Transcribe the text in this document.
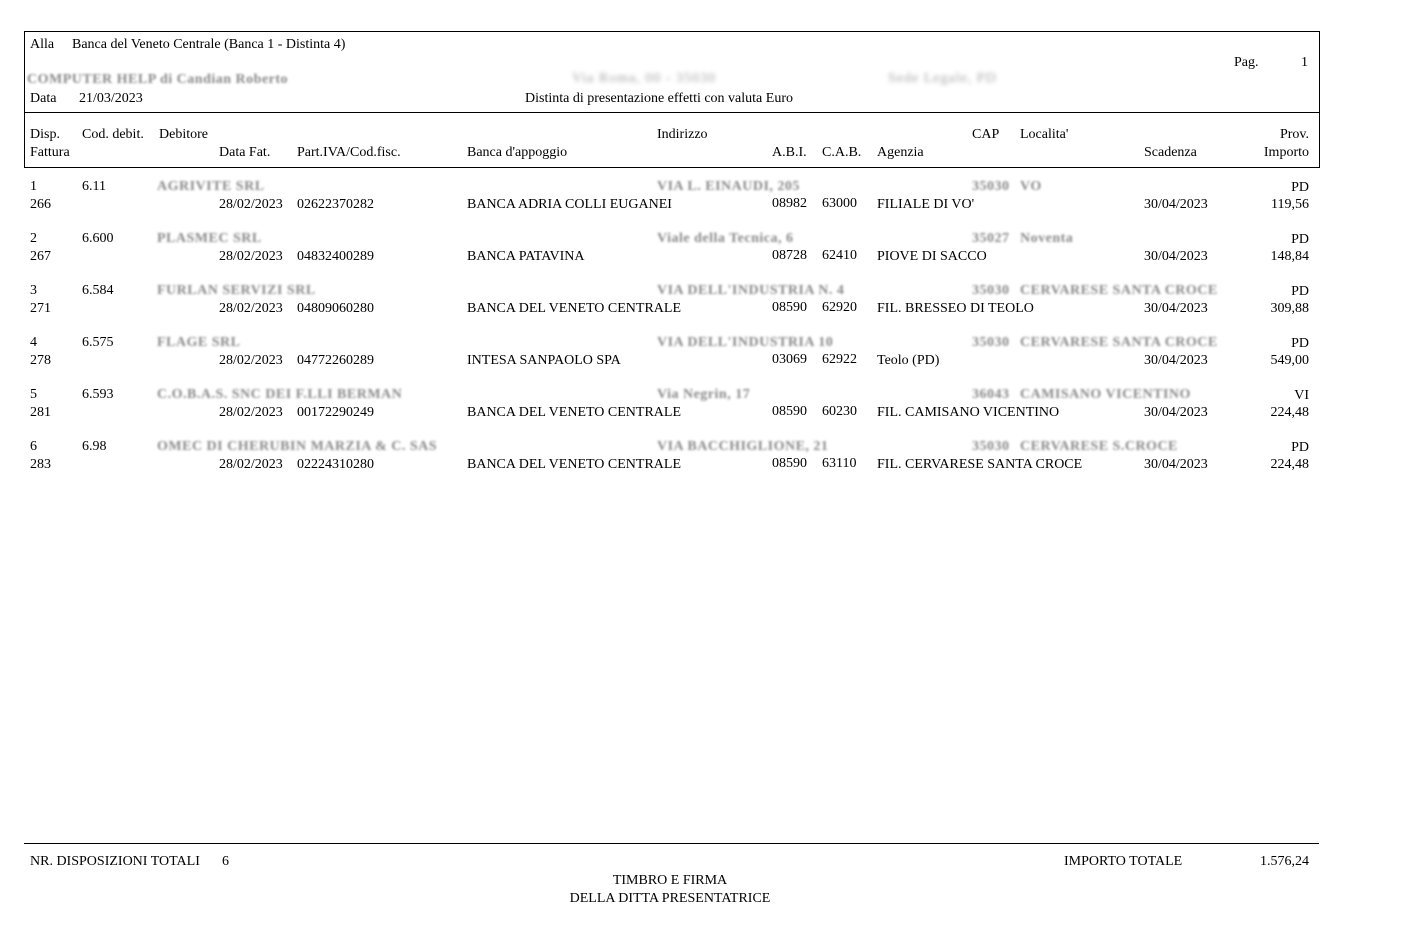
Alla Banca del Veneto Centrale (Banca 1 - Distinta 4)
COMPUTER HELP di Candian Roberto	Via Roma, 00 - 35030	Sede Legale, PD
Pag.	1
Data 21/03/2023	Distinta di presentazione effetti con valuta Euro
Disp. Cod. debit. Debitore	Indirizzo	CAP Localita'	Prov.
Fattura	Data Fat. Part.IVA/Cod.fisc.	Banca d'appoggio	A.B.I. C.A.B. Agenzia	Scadenza	Importo
1	6.11	AGRIVITE SRL	VIA L. EINAUDI, 205	35030 VO	PD
266	28/02/2023 02622370282	BANCA ADRIA COLLI EUGANEI	08982 63000 FILIALE DI VO'	30/04/2023	119,56
2	6.600	PLASMEC SRL	Viale della Tecnica, 6	35027 Noventa	PD
267	28/02/2023 04832400289	BANCA PATAVINA	08728 62410 PIOVE DI SACCO	30/04/2023	148,84
3	6.584	FURLAN SERVIZI SRL	VIA DELL'INDUSTRIA N. 4	35030 CERVARESE SANTA CROCE	PD
271	28/02/2023 04809060280	BANCA DEL VENETO CENTRALE	08590 62920 FIL. BRESSEO DI TEOLO	30/04/2023	309,88
4	6.575	FLAGE SRL	VIA DELL'INDUSTRIA 10	35030 CERVARESE SANTA CROCE	PD
278	28/02/2023 04772260289	INTESA SANPAOLO SPA	03069 62922 Teolo (PD)	30/04/2023	549,00
5	6.593	C.O.B.A.S. SNC DEI F.LLI BERMAN	Via Negrin, 17	36043 CAMISANO VICENTINO	VI
281	28/02/2023 00172290249	BANCA DEL VENETO CENTRALE	08590 60230 FIL. CAMISANO VICENTINO	30/04/2023	224,48
6	6.98	OMEC DI CHERUBIN MARZIA & C. SAS	VIA BACCHIGLIONE, 21	35030 CERVARESE S.CROCE	PD
283	28/02/2023 02224310280	BANCA DEL VENETO CENTRALE	08590 63110 FIL. CERVARESE SANTA CROCE	30/04/2023	224,48
NR. DISPOSIZIONI TOTALI 6	IMPORTO TOTALE	1.576,24
TIMBRO E FIRMA
DELLA DITTA PRESENTATRICE
